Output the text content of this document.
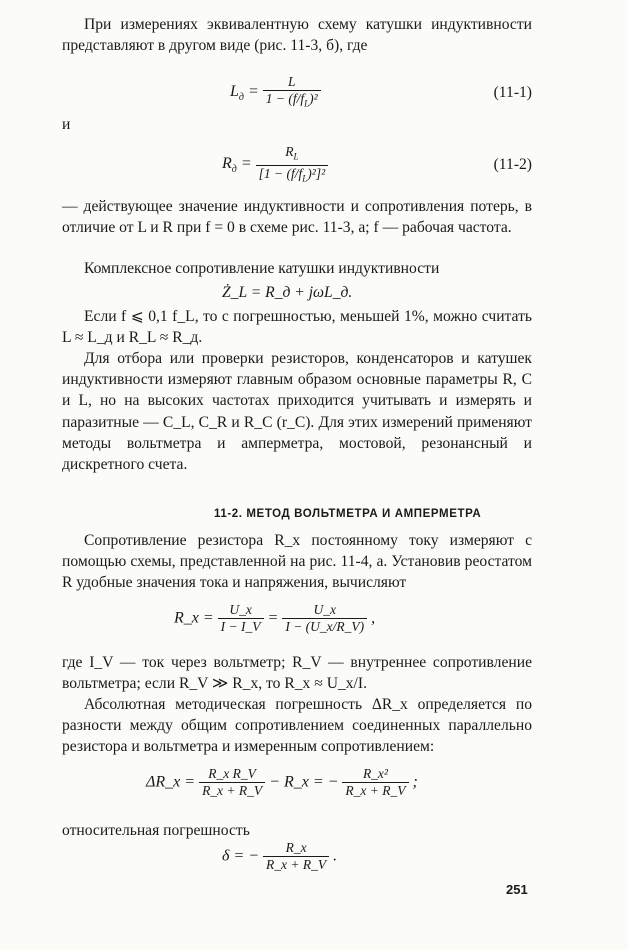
При измерениях эквивалентную схему катушки индуктивности представляют в другом виде (рис. 11-3, б), где

$L_д = \frac{L}{1 - (f/f_L)^2}$	(11-1)

и

$R_д = \frac{R_L}{[1 - (f/f_L)^2]^2}$	(11-2)

— действующее значение индуктивности и сопротивления потерь, в отличие от L и R при f = 0 в схеме рис. 11-3, а; f — рабочая частота.

Комплексное сопротивление катушки индуктивности

Ż_L = R_д + jωL_д.

Если f ⩽ 0,1 f_L, то с погрешностью, меньшей 1%, можно считать L ≈ L_д и R_L ≈ R_д.

Для отбора или проверки резисторов, конденсаторов и катушек индуктивности измеряют главным образом основные параметры R, C и L, но на высоких частотах приходится учитывать и измерять и паразитные — C_L, C_R и R_C (r_C). Для этих измерений применяют методы вольтметра и амперметра, мостовой, резонансный и дискретного счета.

11-2. МЕТОД ВОЛЬТМЕТРА И АМПЕРМЕТРА

Сопротивление резистора R_x постоянному току измеряют с помощью схемы, представленной на рис. 11-4, а. Установив реостатом R удобные значения тока и напряжения, вычисляют

R_x = $\frac{U\_x}{I - I\_V} = \frac{U\_x}{I - (U\_x/R\_V)}$ ,

где I_V — ток через вольтметр; R_V — внутреннее сопротивление вольтметра; если R_V ≫ R_x, то R_x ≈ U_x/I.

Абсолютная методическая погрешность ΔR_x определяется по разности между общим сопротивлением соединенных параллельно резистора и вольтметра и измеренным сопротивлением:

ΔR_x = $\frac{\text{R\_x R\_V}}{R\_x + R\_V}$ − R_x = − $\frac{\text{R\_x²}}{R\_x + R\_V}$ ;

относительная погрешность

δ = − $\frac{R\_x}{R\_x + R\_V}$ .
251
